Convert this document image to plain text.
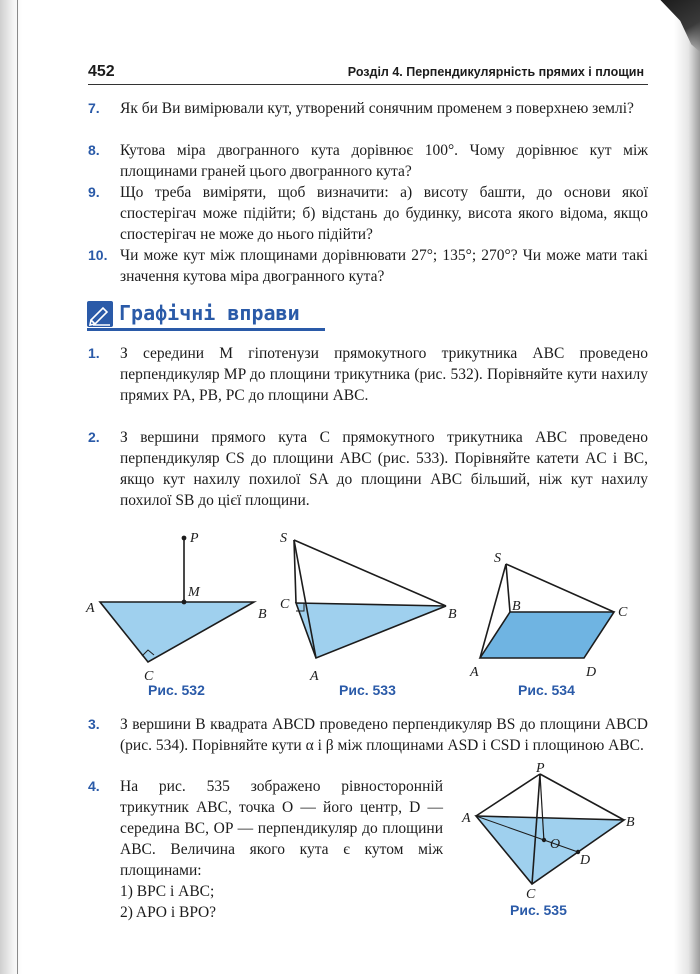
452	Розділ 4. Перпендикулярність прямих і площин
7. Як би Ви вимірювали кут, утворений сонячним променем з поверхнею землі?
8. Кутова міра двогранного кута дорівнює 100°. Чому дорівнює кут між площинами граней цього двогранного кута?
9. Що треба виміряти, щоб визначити: а) висоту башти, до основи якої спостерігач може підійти; б) відстань до будинку, висота якого відома, якщо спостерігач не може до нього підійти?
10. Чи може кут між площинами дорівнювати 27°; 135°; 270°? Чи може мати такі значення кутова міра двогранного кута?
Графічні вправи
1. З середини M гіпотенузи прямокутного трикутника ABC проведено перпендикуляр MP до площини трикутника (рис. 532). Порівняйте кути нахилу прямих PA, PB, PC до площини ABC.
2. З вершини прямого кута C прямокутного трикутника ABC проведено перпендикуляр CS до площини ABC (рис. 533). Порівняйте катети AC і BC, якщо кут нахилу похилої SA до площини ABC більший, ніж кут нахилу похилої SB до цієї площини.
P
M
A	B
C
Рис. 532
S
C
B
A
Рис. 533
S
B	C
A	D
Рис. 534
3. З вершини B квадрата ABCD проведено перпендикуляр BS до площини ABCD (рис. 534). Порівняйте кути α і β між площинами ASD і CSD і площиною ABC.
4. На рис. 535 зображено рівносторонній трикутник ABC, точка O — його центр, D — середина BC, OP — перпендикуляр до площини ABC. Величина якого кута є кутом між площинами:
1) BPC і ABC;
2) APO і BPO?
P
A	B
O
D
C
Рис. 535
